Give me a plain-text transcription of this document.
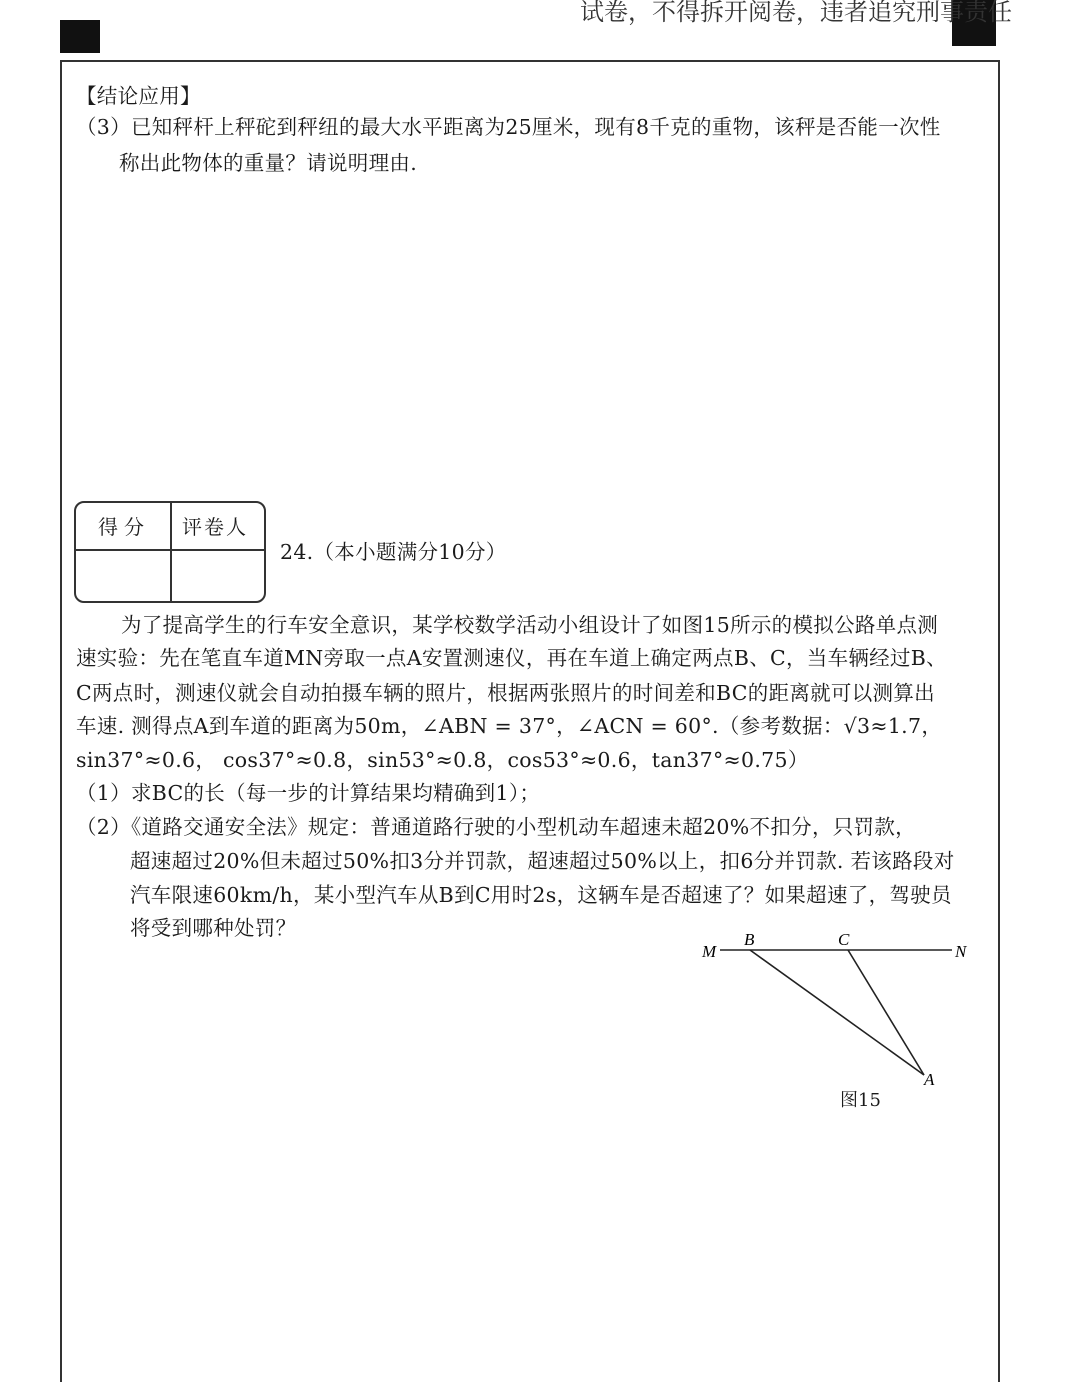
试卷，不得拆开阅卷，违者追究刑事责任
【结论应用】
（3）已知秤杆上秤砣到秤纽的最大水平距离为25厘米，现有8千克的重物，该秤是否能一次性
称出此物体的重量？请说明理由.
得分 评卷人
24.（本小题满分10分）
为了提高学生的行车安全意识，某学校数学活动小组设计了如图15所示的模拟公路单点测
速实验：先在笔直车道MN旁取一点A安置测速仪，再在车道上确定两点B、C，当车辆经过B、
C两点时，测速仪就会自动拍摄车辆的照片，根据两张照片的时间差和BC的距离就可以测算出
车速. 测得点A到车道的距离为50m，∠ABN = 37°，∠ACN = 60°.（参考数据：√3≈1.7，
sin37°≈0.6， cos37°≈0.8，sin53°≈0.8，cos53°≈0.6，tan37°≈0.75）
（1）求BC的长（每一步的计算结果均精确到1）；
（2）《道路交通安全法》规定：普通道路行驶的小型机动车超速未超20%不扣分，只罚款，
超速超过20%但未超过50%扣3分并罚款，超速超过50%以上，扣6分并罚款. 若该路段对
汽车限速60km/h，某小型汽车从B到C用时2s，这辆车是否超速了？如果超速了，驾驶员
将受到哪种处罚？
M
B	C
N
A
图15
